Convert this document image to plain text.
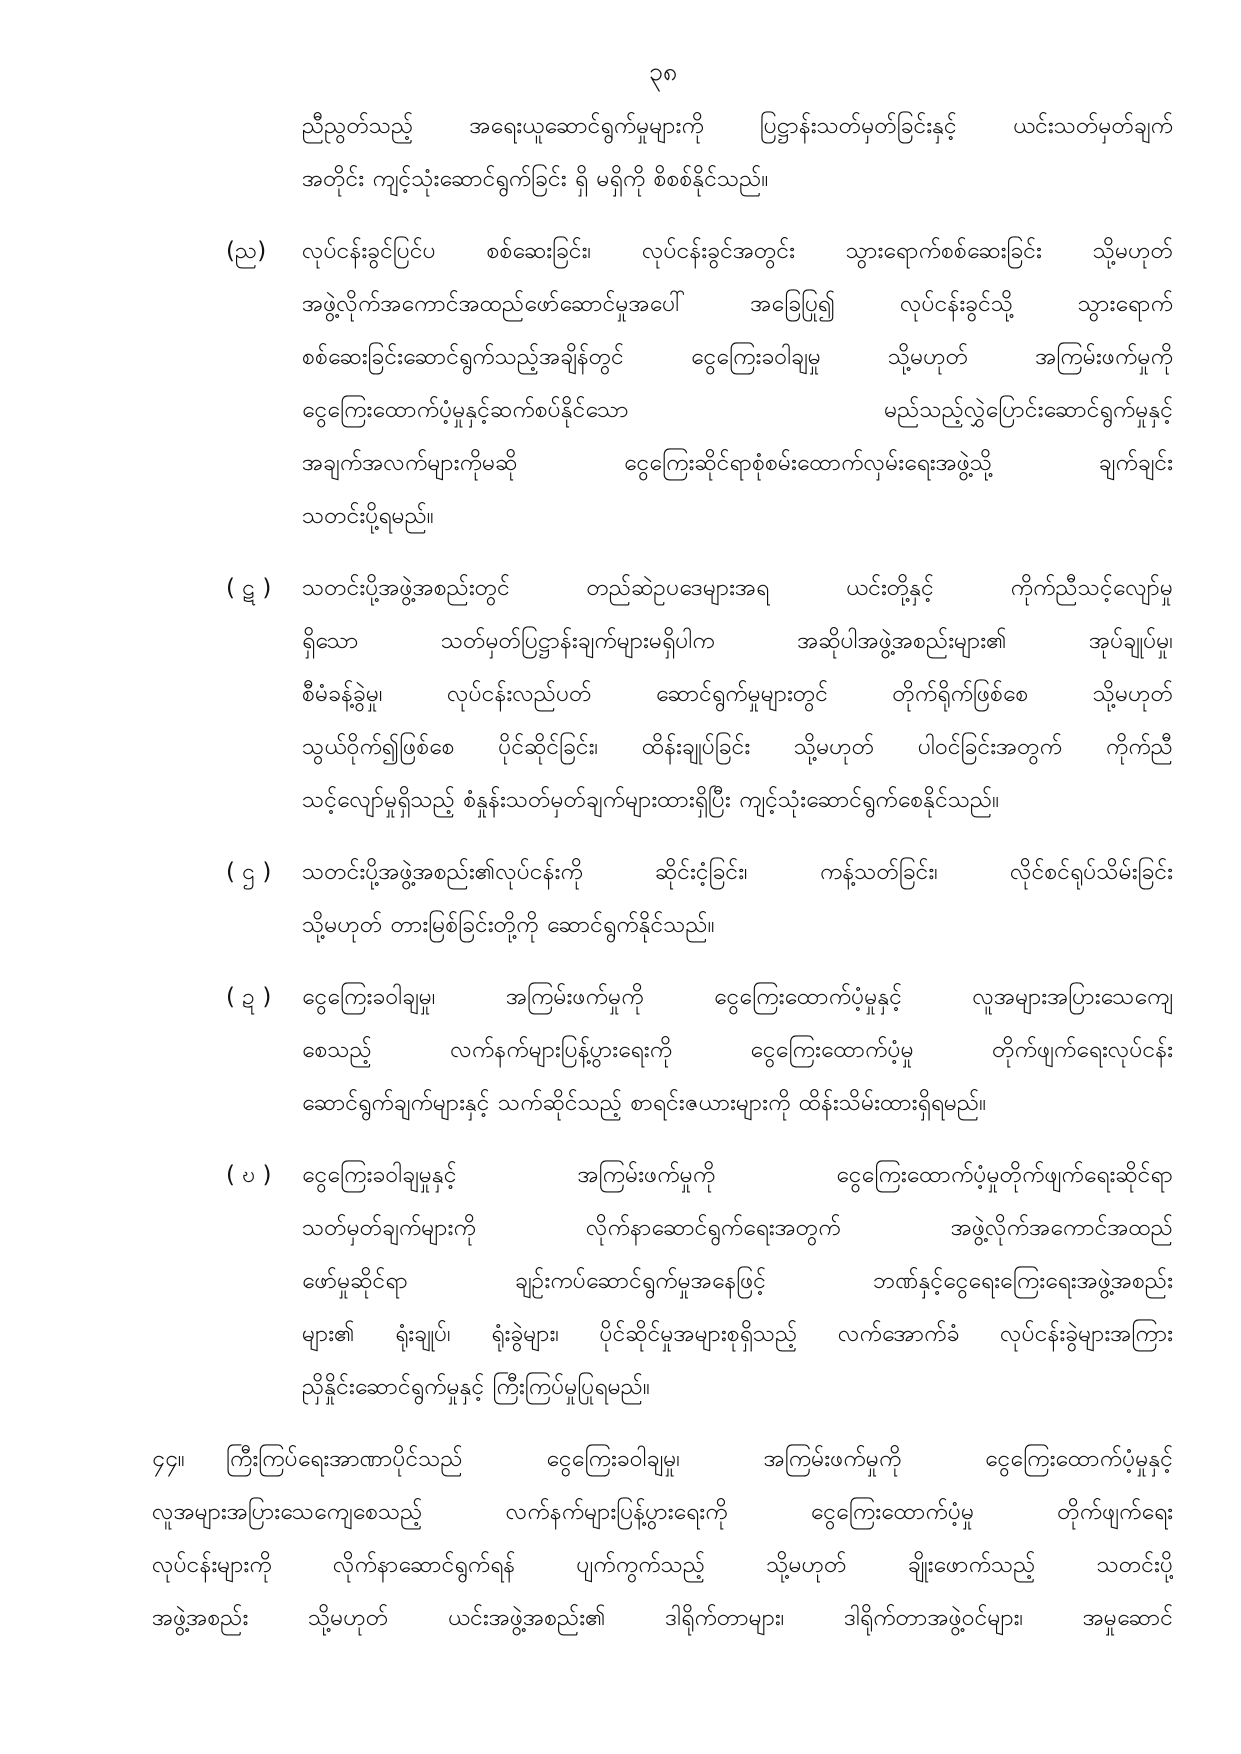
၃၈
ညီညွတ်သည့် အရေးယူဆောင်ရွက်မှုများကို ပြဋ္ဌာန်းသတ်မှတ်ခြင်းနှင့် ယင်းသတ်မှတ်ချက်
အတိုင်း ကျင့်သုံးဆောင်ရွက်ခြင်း ရှိ မရှိကို စိစစ်နိုင်သည်။
(ည)	လုပ်ငန်းခွင်ပြင်ပ စစ်ဆေးခြင်း၊ လုပ်ငန်းခွင်အတွင်း သွားရောက်စစ်ဆေးခြင်း သို့မဟုတ်
အဖွဲ့လိုက်အကောင်အထည်ဖော်ဆောင်မှုအပေါ် အခြေပြု၍ လုပ်ငန်းခွင်သို့ သွားရောက်
စစ်ဆေးခြင်းဆောင်ရွက်သည့်အချိန်တွင် ငွေကြေးခဝါချမှု သို့မဟုတ် အကြမ်းဖက်မှုကို
ငွေကြေးထောက်ပံ့မှုနှင့်ဆက်စပ်နိုင်သော မည်သည့်လွှဲပြောင်းဆောင်ရွက်မှုနှင့်
အချက်အလက်များကိုမဆို ငွေကြေးဆိုင်ရာစုံစမ်းထောက်လှမ်းရေးအဖွဲ့သို့ ချက်ချင်း
သတင်းပို့ရမည်။
( ဋ )	သတင်းပို့အဖွဲ့အစည်းတွင် တည်ဆဲဥပဒေများအရ ယင်းတို့နှင့် ကိုက်ညီသင့်လျော်မှု
ရှိသော သတ်မှတ်ပြဋ္ဌာန်းချက်များမရှိပါက အဆိုပါအဖွဲ့အစည်းများ၏ အုပ်ချုပ်မှု၊
စီမံခန့်ခွဲမှု၊ လုပ်ငန်းလည်ပတ် ဆောင်ရွက်မှုများတွင် တိုက်ရိုက်ဖြစ်စေ သို့မဟုတ်
သွယ်ဝိုက်၍ဖြစ်စေ ပိုင်ဆိုင်ခြင်း၊ ထိန်းချုပ်ခြင်း သို့မဟုတ် ပါဝင်ခြင်းအတွက် ကိုက်ညီ
သင့်လျော်မှုရှိသည့် စံနှုန်းသတ်မှတ်ချက်များထားရှိပြီး ကျင့်သုံးဆောင်ရွက်စေနိုင်သည်။
( ဌ )	သတင်းပို့အဖွဲ့အစည်း၏လုပ်ငန်းကို ဆိုင်းငံ့ခြင်း၊ ကန့်သတ်ခြင်း၊ လိုင်စင်ရုပ်သိမ်းခြင်း
သို့မဟုတ် တားမြစ်ခြင်းတို့ကို ဆောင်ရွက်နိုင်သည်။
( ဍ )	ငွေကြေးခဝါချမှု၊ အကြမ်းဖက်မှုကို ငွေကြေးထောက်ပံ့မှုနှင့် လူအများအပြားသေကျေ
စေသည့် လက်နက်များပြန့်ပွားရေးကို ငွေကြေးထောက်ပံ့မှု တိုက်ဖျက်ရေးလုပ်ငန်း
ဆောင်ရွက်ချက်များနှင့် သက်ဆိုင်သည့် စာရင်းဇယားများကို ထိန်းသိမ်းထားရှိရမည်။
( ဎ )	ငွေကြေးခဝါချမှုနှင့် အကြမ်းဖက်မှုကို ငွေကြေးထောက်ပံ့မှုတိုက်ဖျက်ရေးဆိုင်ရာ
သတ်မှတ်ချက်များကို လိုက်နာဆောင်ရွက်ရေးအတွက် အဖွဲ့လိုက်အကောင်အထည်
ဖော်မှုဆိုင်ရာ ချဉ်းကပ်ဆောင်ရွက်မှုအနေဖြင့် ဘဏ်နှင့်ငွေရေးကြေးရေးအဖွဲ့အစည်း
များ၏ ရုံးချုပ်၊ ရုံးခွဲများ၊ ပိုင်ဆိုင်မှုအများစုရှိသည့် လက်အောက်ခံ လုပ်ငန်းခွဲများအကြား
ညှိနှိုင်းဆောင်ရွက်မှုနှင့် ကြီးကြပ်မှုပြုရမည်။
၄၄။	ကြီးကြပ်ရေးအာဏာပိုင်သည် ငွေကြေးခဝါချမှု၊ အကြမ်းဖက်မှုကို ငွေကြေးထောက်ပံ့မှုနှင့်
လူအများအပြားသေကျေစေသည့် လက်နက်များပြန့်ပွားရေးကို ငွေကြေးထောက်ပံ့မှု တိုက်ဖျက်ရေး
လုပ်ငန်းများကို လိုက်နာဆောင်ရွက်ရန် ပျက်ကွက်သည့် သို့မဟုတ် ချိုးဖောက်သည့် သတင်းပို့
အဖွဲ့အစည်း သို့မဟုတ် ယင်းအဖွဲ့အစည်း၏ ဒါရိုက်တာများ၊ ဒါရိုက်တာအဖွဲ့ဝင်များ၊ အမှုဆောင်
